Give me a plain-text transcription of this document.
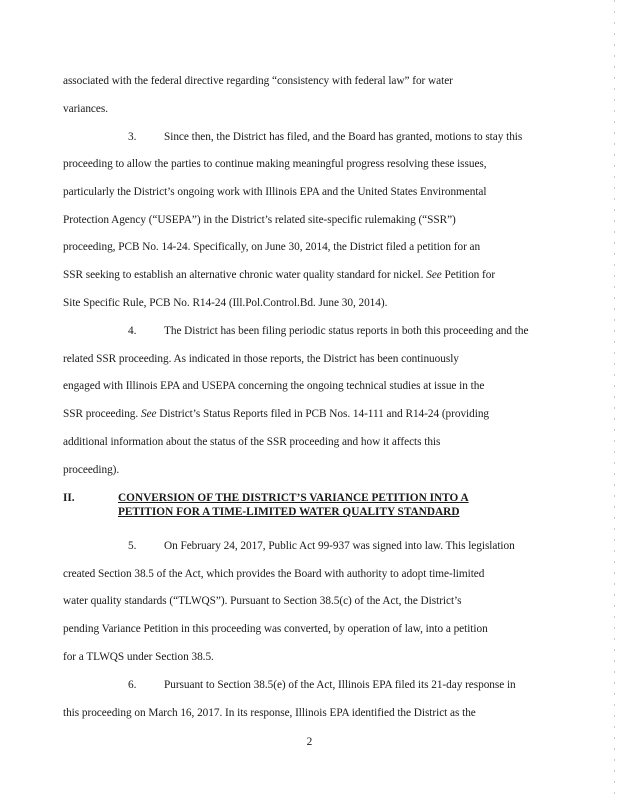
associated with the federal directive regarding “consistency with federal law” for water
variances.
3. Since then, the District has filed, and the Board has granted, motions to stay this
proceeding to allow the parties to continue making meaningful progress resolving these issues,
particularly the District’s ongoing work with Illinois EPA and the United States Environmental
Protection Agency (“USEPA”) in the District’s related site-specific rulemaking (“SSR”)
proceeding, PCB No. 14-24. Specifically, on June 30, 2014, the District filed a petition for an
SSR seeking to establish an alternative chronic water quality standard for nickel. See Petition for
Site Specific Rule, PCB No. R14-24 (Ill.Pol.Control.Bd. June 30, 2014).
4. The District has been filing periodic status reports in both this proceeding and the
related SSR proceeding. As indicated in those reports, the District has been continuously
engaged with Illinois EPA and USEPA concerning the ongoing technical studies at issue in the
SSR proceeding. See District’s Status Reports filed in PCB Nos. 14-111 and R14-24 (providing
additional information about the status of the SSR proceeding and how it affects this
proceeding).
II.	CONVERSION OF THE DISTRICT’S VARIANCE PETITION INTO A
PETITION FOR A TIME-LIMITED WATER QUALITY STANDARD
5. On February 24, 2017, Public Act 99-937 was signed into law. This legislation
created Section 38.5 of the Act, which provides the Board with authority to adopt time-limited
water quality standards (“TLWQS”). Pursuant to Section 38.5(c) of the Act, the District’s
pending Variance Petition in this proceeding was converted, by operation of law, into a petition
for a TLWQS under Section 38.5.
6. Pursuant to Section 38.5(e) of the Act, Illinois EPA filed its 21-day response in
this proceeding on March 16, 2017. In its response, Illinois EPA identified the District as the
2
